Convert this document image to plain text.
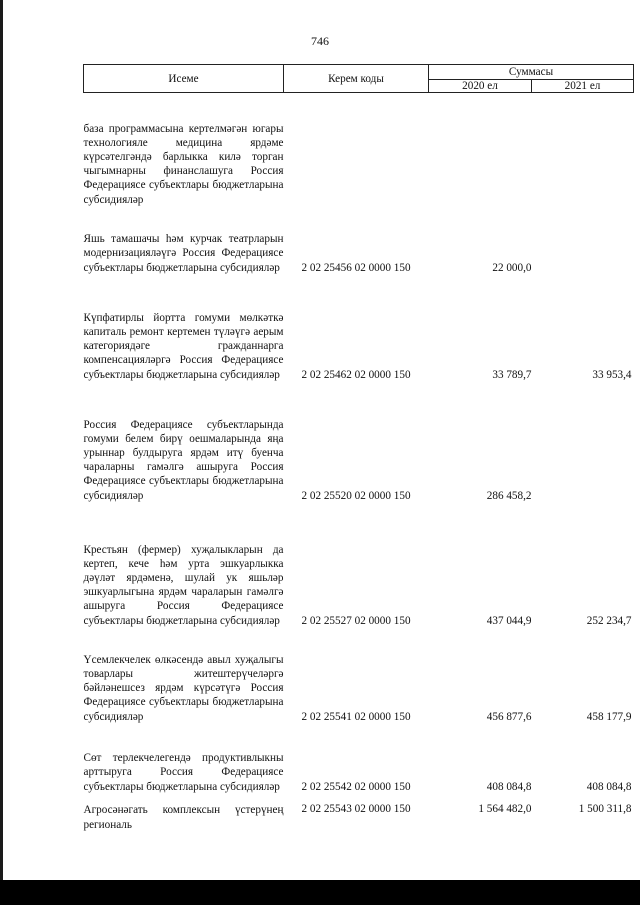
746
Исеме	Керем коды	Суммасы	
		2020 ел	2021 ел
база программасына кертелмәгән югары технологияле медицина ярдәме күрсәтелгәндә барлыкка килә торган чыгымнарны финанслашуга Россия Федерациясе субъектлары бюджетларына субсидияләр			
Яшь тамашачы һәм курчак театрларын модернизацияләүгә Россия Федерациясе субъектлары бюджетларына субсидияләр	2 02 25456 02 0000 150	22 000,0	
Күпфатирлы йортта гомуми мөлкәткә капиталь ремонт кертемен түләүгә аерым категориядәге гражданнарга компенсацияләргә Россия Федерациясе субъектлары бюджетларына субсидияләр	2 02 25462 02 0000 150	33 789,7	33 953,4
Россия Федерациясе субъектларында гомуми белем бирү оешмаларында яңа урыннар булдыруга ярдәм итү буенча чараларны гамәлгә ашыруга Россия Федерациясе субъектлары бюджетларына субсидияләр	2 02 25520 02 0000 150	286 458,2	
Крестьян (фермер) хуҗалыкларын да кертеп, кече һәм урта эшкуарлыкка дәүләт ярдәменә, шулай ук яшьләр эшкуарлыгына ярдәм чараларын гамәлгә ашыруга Россия Федерациясе субъектлары бюджетларына субсидияләр	2 02 25527 02 0000 150	437 044,9	252 234,7
Үсемлекчелек өлкәсендә авыл хуҗалыгы товарлары житештерүчеләргә бәйләнешсез ярдәм күрсәтүгә Россия Федерациясе субъектлары бюджетларына субсидияләр	2 02 25541 02 0000 150	456 877,6	458 177,9
Сөт терлекчелегендә продуктивлыкны арттыруга Россия Федерациясе субъектлары бюджетларына субсидияләр	2 02 25542 02 0000 150	408 084,8	408 084,8
Агросәнәгать комплексын үстерүнең региональ	2 02 25543 02 0000 150	1 564 482,0	1 500 311,8
